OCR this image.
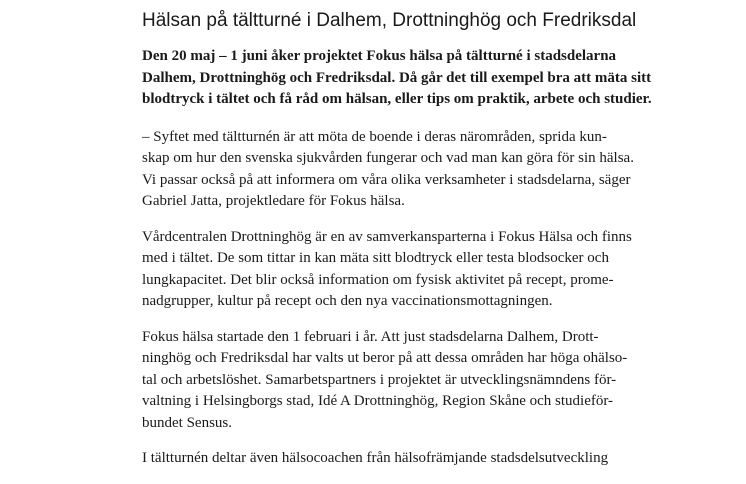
Hälsan på tältturné i Dalhem, Drottninghög och Fredriksdal

Den 20 maj – 1 juni åker projektet Fokus hälsa på tältturné i stadsdelarna
Dalhem, Drottninghög och Fredriksdal. Då går det till exempel bra att mäta sitt
blodtryck i tältet och få råd om hälsan, eller tips om praktik, arbete och studier.

– Syftet med tältturnén är att möta de boende i deras närområden, sprida kun-
skap om hur den svenska sjukvården fungerar och vad man kan göra för sin hälsa.
Vi passar också på att informera om våra olika verksamheter i stadsdelarna, säger
Gabriel Jatta, projektledare för Fokus hälsa.

Vårdcentralen Drottninghög är en av samverkansparterna i Fokus Hälsa och finns
med i tältet. De som tittar in kan mäta sitt blodtryck eller testa blodsocker och
lungkapacitet. Det blir också information om fysisk aktivitet på recept, prome-
nadgrupper, kultur på recept och den nya vaccinationsmottagningen.

Fokus hälsa startade den 1 februari i år. Att just stadsdelarna Dalhem, Drott-
ninghög och Fredriksdal har valts ut beror på att dessa områden har höga ohälso-
tal och arbetslöshet. Samarbetspartners i projektet är utvecklingsnämndens för-
valtning i Helsingborgs stad, Idé A Drottninghög, Region Skåne och studieför-
bundet Sensus.

I tältturnén deltar även hälsocoachen från hälsofrämjande stadsdelsutveckling
